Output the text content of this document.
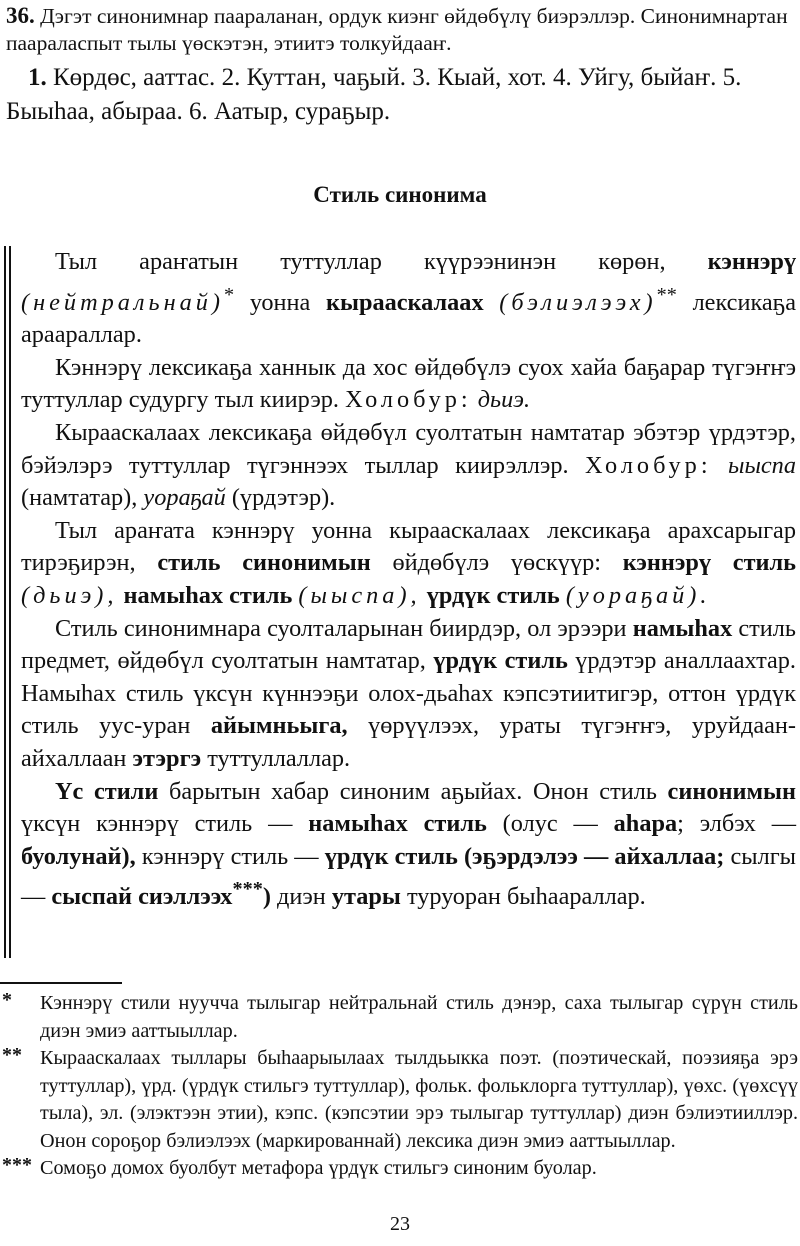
36. Дэгэт синонимнар паараланан, ордук киэнг өйдөбүлү биэрэллэр. Синонимнартан паараласпыт тылы үөскэтэн, этиитэ толкуйдааҥ.
1. Көрдөс, ааттас. 2. Куттан, чаҕый. 3. Кыай, хот. 4. Уйгу, быйаҥ. 5. Быыhаа, абыраа. 6. Аатыр, сураҕыр.
Стиль синонима

Тыл араҥатын туттуллар күүрээнинэн көрөн, кэннэрү (нейтральнай)* уонна кырааскалаах (бэлиэлээх)** лексикаҕа араараллар.

Кэннэрү лексикаҕа ханнык да хос өйдөбүлэ суох хайа баҕарар түгэҥҥэ туттуллар судургу тыл киирэр. Холобур: дьиэ.

Кырааскалаах лексикаҕа өйдөбүл суолтатын намтатар эбэтэр үрдэтэр, бэйэлэрэ туттуллар түгэннээх тыллар киирэллэр. Холобур: ыыспа (намтатар), уораҕай (үрдэтэр).

Тыл араҥата кэннэрү уонна кырааскалаах лексикаҕа арахсарыгар тирэҕирэн, стиль синонимын өйдөбүлэ үөскүүр: кэннэрү стиль (дьиэ), намыhах стиль (ыыспа), үрдүк стиль (уораҕай).

Стиль синонимнара суолталарынан биирдэр, ол эрээри намыhах стиль предмет, өйдөбүл суолтатын намтатар, үрдүк стиль үрдэтэр аналлаахтар. Намыhах стиль үксүн күннээҕи олох-дьаhах кэпсэтиитигэр, оттон үрдүк стиль уус-уран айымньыга, үөрүүлээх, ураты түгэҥҥэ, уруйдаан-айхаллаан этэргэ туттуллаллар.

Үс стили барытын хабар синоним аҕыйах. Онон стиль синонимын үксүн кэннэрү стиль — намыhах стиль (олус — аhара; элбэх — буолунай), кэннэрү стиль — үрдүк стиль (эҕэрдэлээ — айхаллаа; сылгы — сыспай сиэллээх***) диэн утары туруоран быhаараллар.

* Кэннэрү стили нуучча тылыгар нейтральнай стиль дэнэр, саха тылыгар сүрүн стиль диэн эмиэ ааттыыллар.
** Кырааскалаах тыллары быhаарыылаах тылдьыкка поэт. (поэтическай, поэзияҕа эрэ туттуллар), үрд. (үрдүк стильгэ туттуллар), фольк. фольклорга туттуллар), үөхс. (үөхсүү тыла), эл. (элэктээн этии), кэпс. (кэпсэтии эрэ тылыгар туттуллар) диэн бэлиэтииллэр. Онон сороҕор бэлиэлээх (маркированнай) лексика диэн эмиэ ааттыыллар.
*** Сомоҕо домох буолбут метафора үрдүк стильгэ синоним буолар.
23
